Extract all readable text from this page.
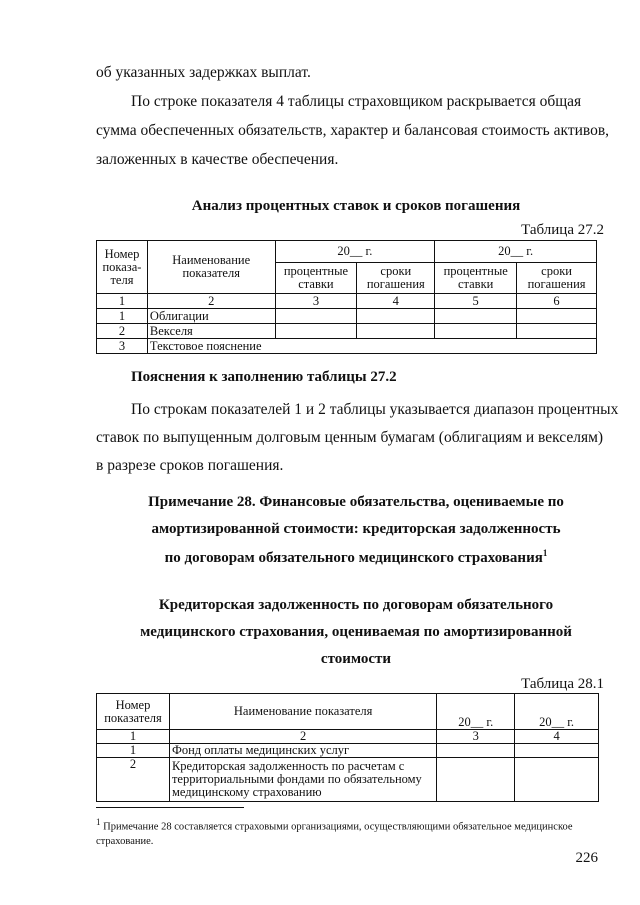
об указанных задержках выплат.
По строке показателя 4 таблицы страховщиком раскрывается общая
сумма обеспеченных обязательств, характер и балансовая стоимость активов,
заложенных в качестве обеспечения.
Анализ процентных ставок и сроков погашения
Таблица 27.2
Номер показа-теля	Наименование показателя	20__ г.		20__ г.	
		процентные ставки	сроки погашения	процентные ставки	сроки погашения
1	2	3	4	5	6
1	Облигации				
2	Векселя				
3	Текстовое пояснение				
Пояснения к заполнению таблицы 27.2
По строкам показателей 1 и 2 таблицы указывается диапазон процентных
ставок по выпущенным долговым ценным бумагам (облигациям и векселям)
в разрезе сроков погашения.
Примечание 28. Финансовые обязательства, оцениваемые по
амортизированной стоимости: кредиторская задолженность
по договорам обязательного медицинского страхования$^1$
Кредиторская задолженность по договорам обязательного
медицинского страхования, оцениваемая по амортизированной
стоимости
Таблица 28.1
Номер показателя	Наименование показателя	20__ г.	20__ г.
1	2	3	4
1	Фонд оплаты медицинских услуг		
2	Кредиторская задолженность по расчетам с территориальными фондами по обязательному медицинскому страхованию		
$^1$ Примечание 28 составляется страховыми организациями, осуществляющими обязательное медицинское
страхование.
226
